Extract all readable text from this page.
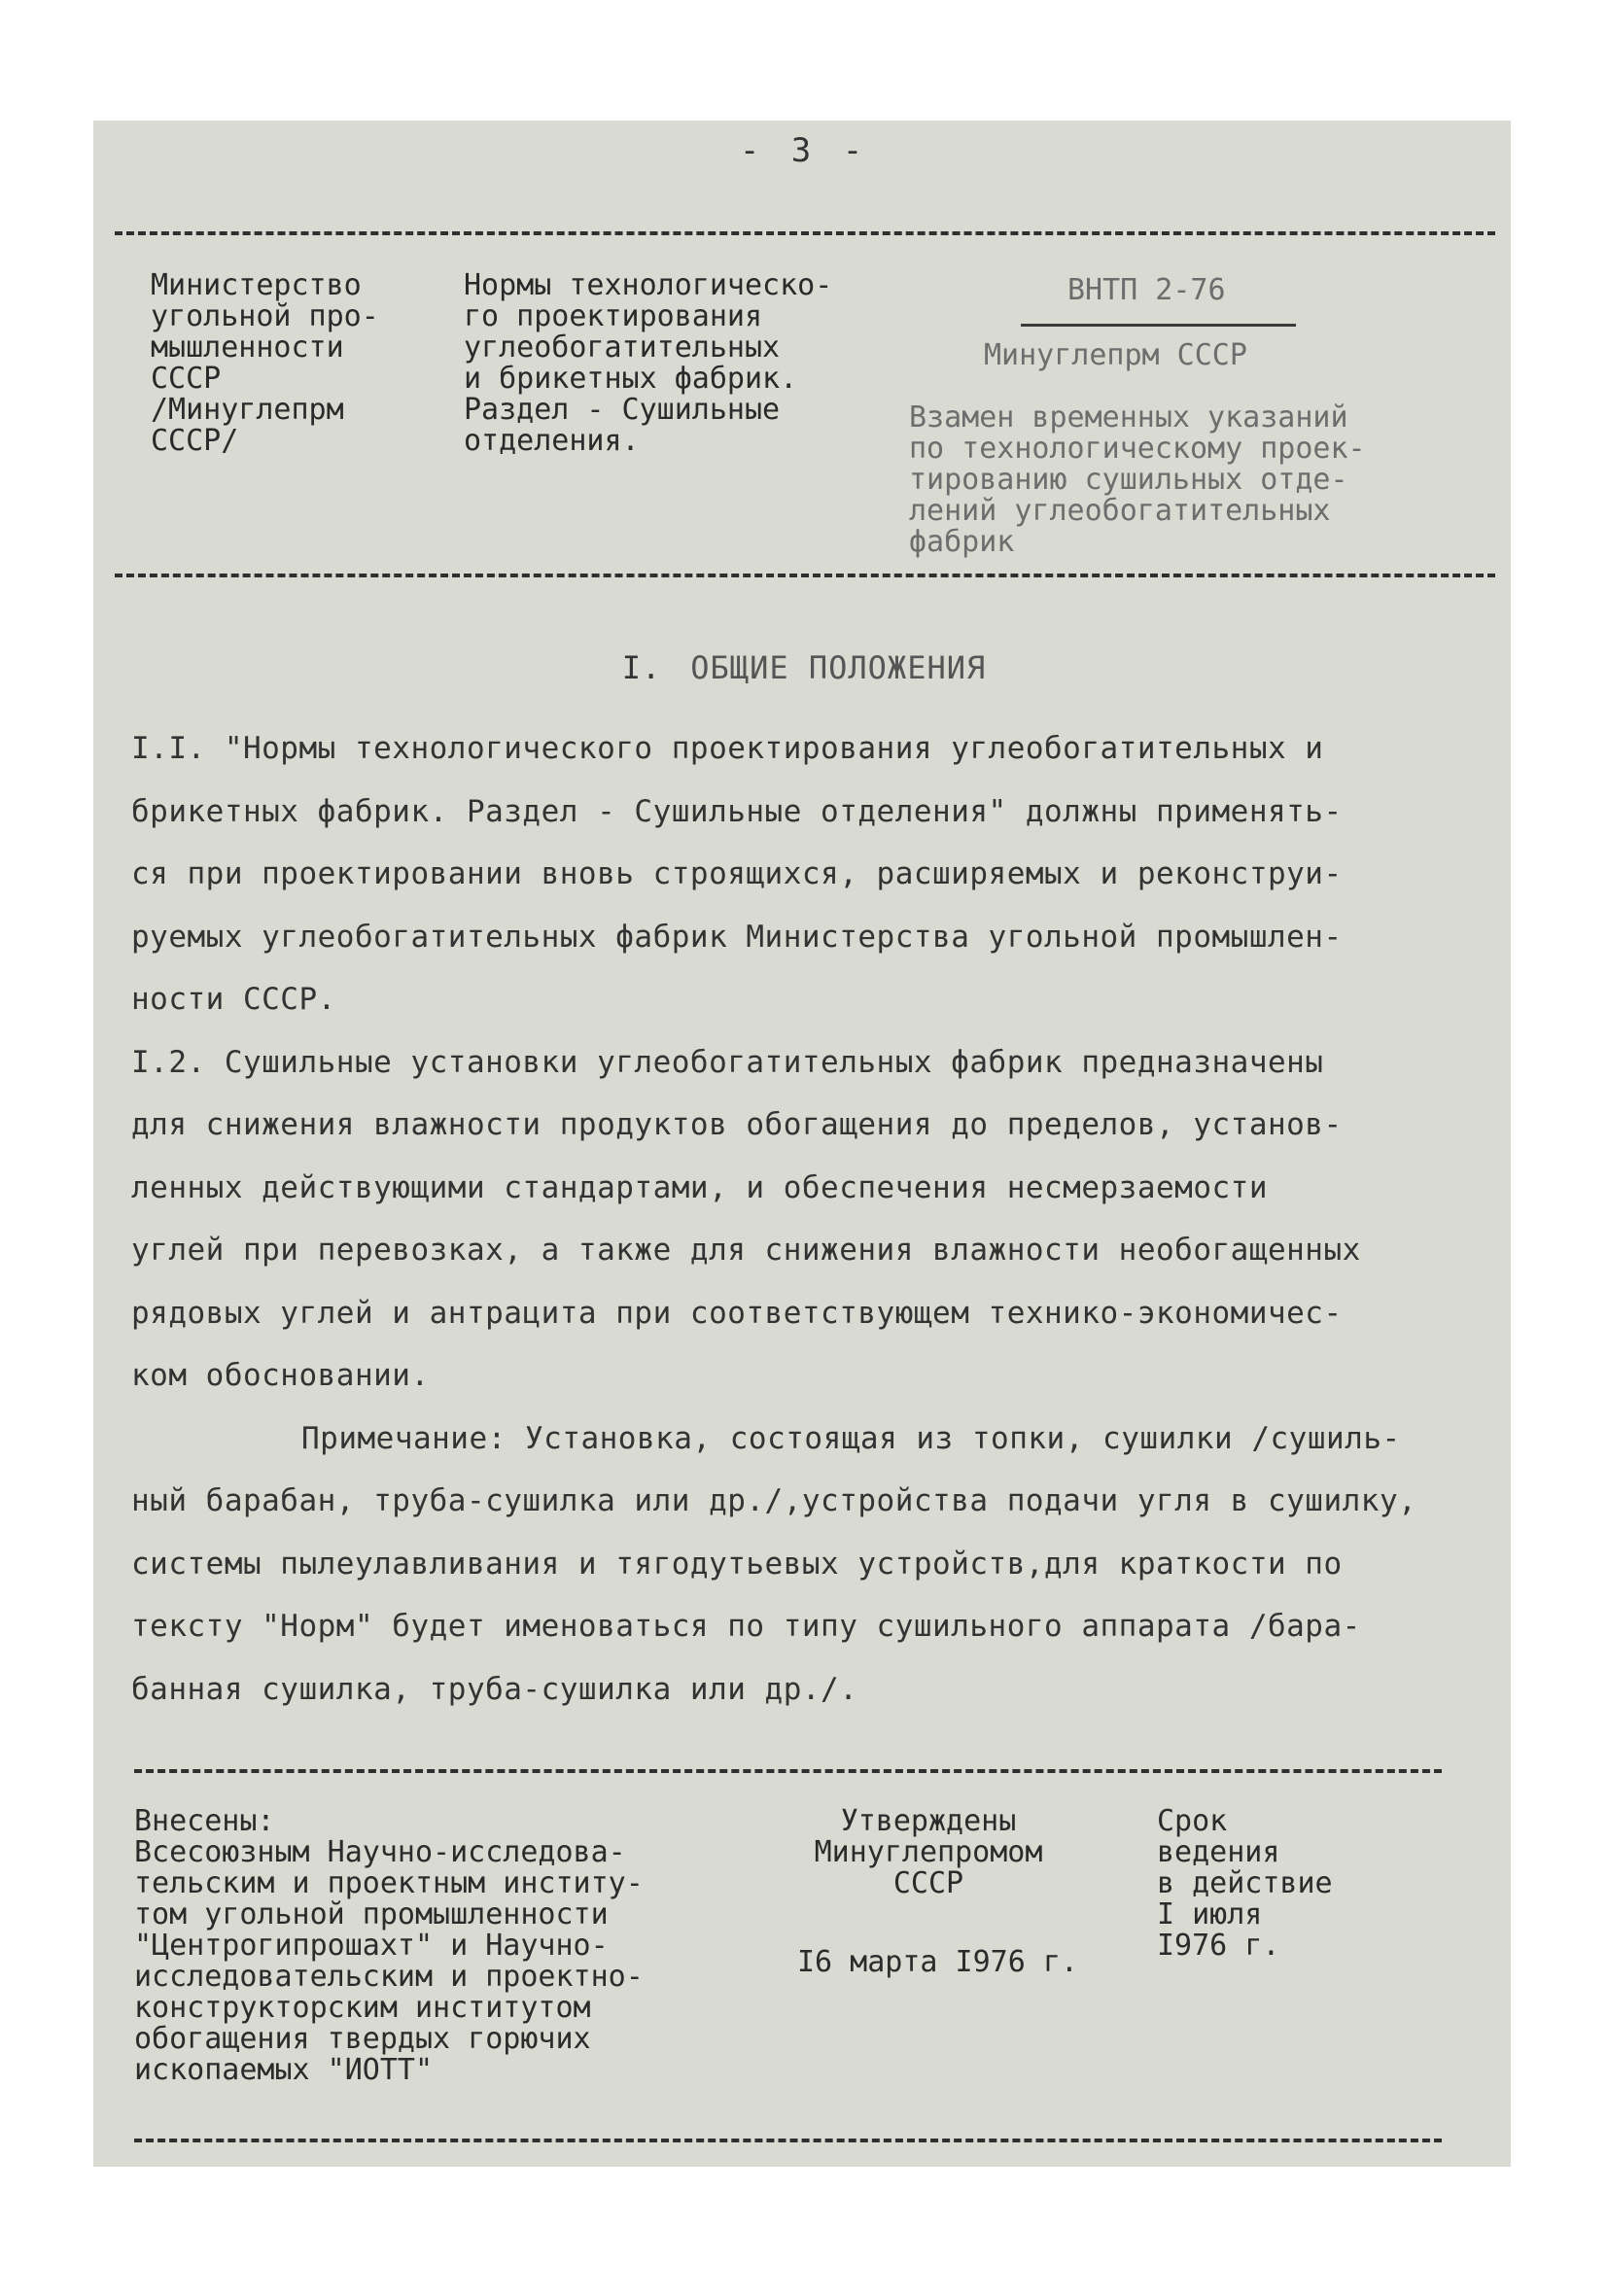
- 3 -
Министерство
угольной про-
мышленности
СССР
/Минуглепрм
СССР/
Нормы технологическо-
го проектирования
углеобогатительных
и брикетных фабрик.
Раздел - Сушильные
отделения.
ВНТП 2-76
Минуглепрм СССР
Взамен временных указаний
по технологическому проек-
тированию сушильных отде-
лений углеобогатительных
фабрик
I. ОБЩИЕ ПОЛОЖЕНИЯ
I.I. "Нормы технологического проектирования углеобогатительных и
брикетных фабрик. Раздел - Сушильные отделения" должны применять-
ся при проектировании вновь строящихся, расширяемых и реконструи-
руемых углеобогатительных фабрик Министерства угольной промышлен-
ности СССР.
I.2. Сушильные установки углеобогатительных фабрик предназначены
для снижения влажности продуктов обогащения до пределов, установ-
ленных действующими стандартами, и обеспечения несмерзаемости
углей при перевозках, а также для снижения влажности необогащенных
рядовых углей и антрацита при соответствующем технико-экономичес-
ком обосновании.
Примечание: Установка, состоящая из топки, сушилки /сушиль-
ный барабан, труба-сушилка или др./,устройства подачи угля в сушилку,
системы пылеулавливания и тягодутьевых устройств,для краткости по
тексту "Норм" будет именоваться по типу сушильного аппарата /бара-
банная сушилка, труба-сушилка или др./.
Внесены:
Всесоюзным Научно-исследова-
тельским и проектным институ-
том угольной промышленности
"Центрогипрошахт" и Научно-
исследовательским и проектно-
конструкторским институтом
обогащения твердых горючих
ископаемых "ИОТТ"
Утверждены
Минуглепромом
СССР
I6 марта I976 г.
Срок
ведения
в действие
I июля
I976 г.
